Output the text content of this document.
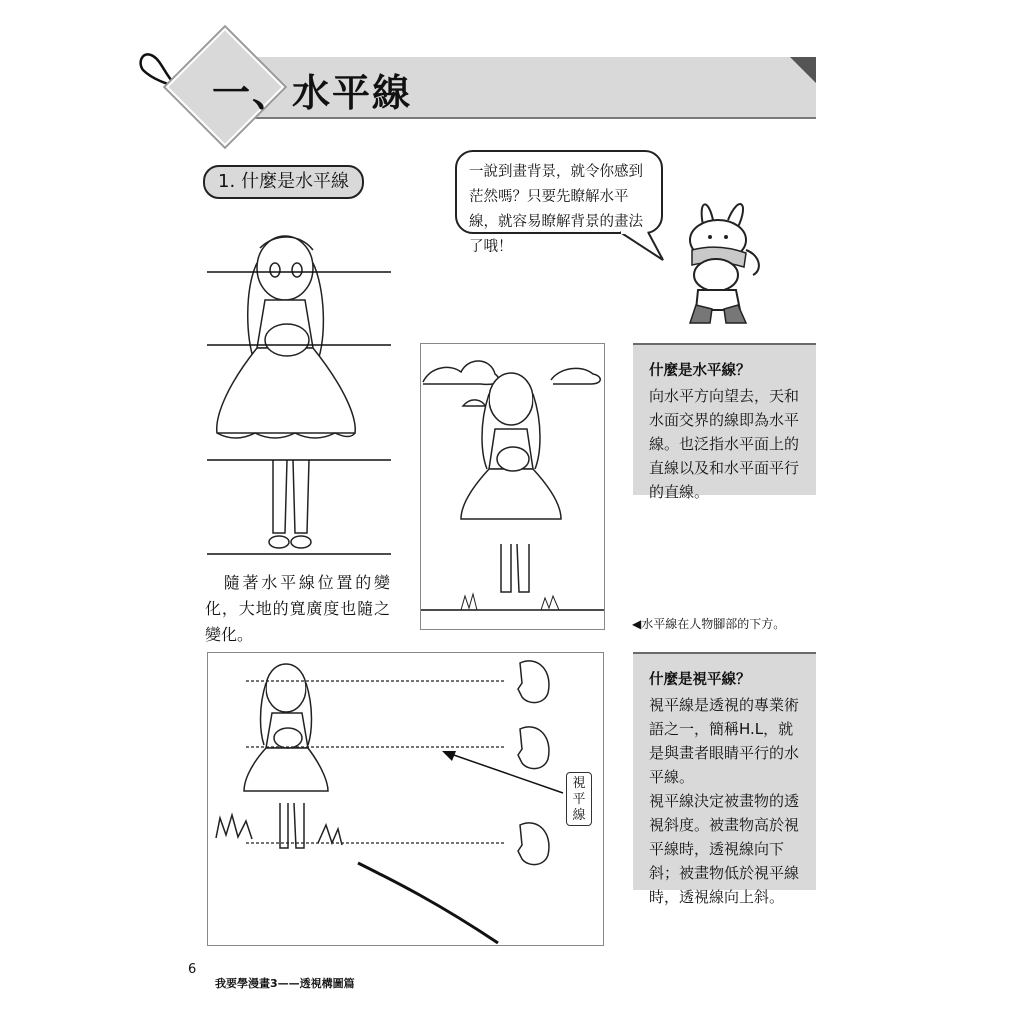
一、水平線
1. 什麼是水平線	一說到畫背景，就令你感到茫然嗎？只要先瞭解水平線，就容易瞭解背景的畫法了哦！
　隨著水平線位置的變化，大地的寬廣度也隨之變化。
◀水平線在人物腳部的下方。
什麼是水平線？
向水平方向望去，天和水面交界的線即為水平線。也泛指水平面上的直線以及和水平面平行的直線。
視平線
什麼是視平線？
視平線是透視的專業術語之一，簡稱H.L，就是與畫者眼睛平行的水平線。
視平線決定被畫物的透視斜度。被畫物高於視平線時，透視線向下斜；被畫物低於視平線時，透視線向上斜。
6
我要學漫畫3——透視構圖篇
